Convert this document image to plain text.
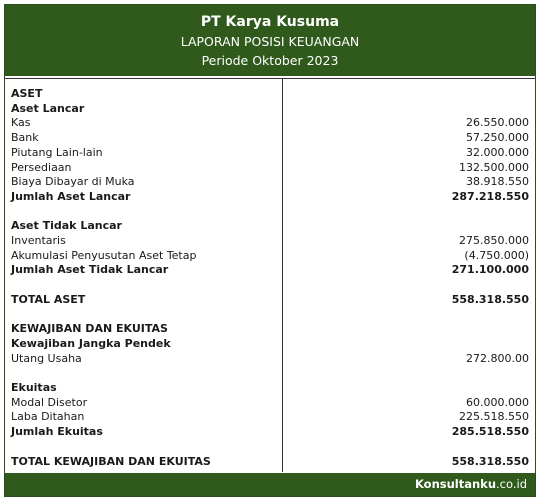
PT Karya Kusuma
LAPORAN POSISI KEUANGAN
Periode Oktober 2023
ASET
Aset Lancar
Kas	26.550.000
Bank	57.250.000
Piutang Lain-lain	32.000.000
Persediaan	132.500.000
Biaya Dibayar di Muka	38.918.550
Jumlah Aset Lancar	287.218.550
Aset Tidak Lancar
Inventaris	275.850.000
Akumulasi Penyusutan Aset Tetap	(4.750.000)
Jumlah Aset Tidak Lancar	271.100.000
TOTAL ASET	558.318.550
KEWAJIBAN DAN EKUITAS
Kewajiban Jangka Pendek
Utang Usaha	272.800.00
Ekuitas
Modal Disetor	60.000.000
Laba Ditahan	225.518.550
Jumlah Ekuitas	285.518.550
TOTAL KEWAJIBAN DAN EKUITAS	558.318.550
Konsultanku.co.id
